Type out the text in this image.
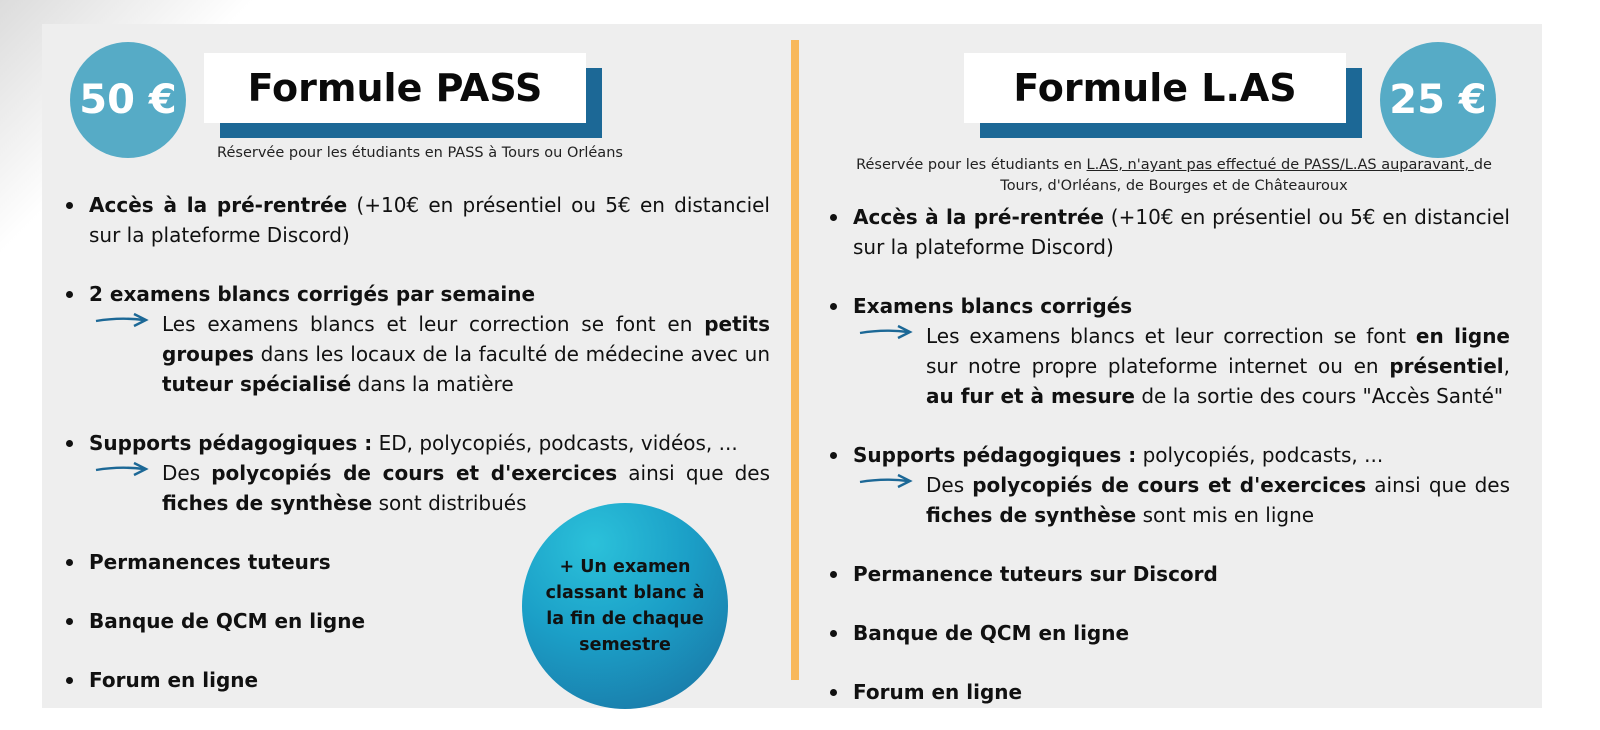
50 € Formule PASS
Réservée pour les étudiants en PASS à Tours ou Orléans
Accès à la pré-rentrée (+10€ en présentiel ou 5€ en distanciel sur la plateforme Discord)
2 examens blancs corrigés par semaine
Les examens blancs et leur correction se font en petits groupes dans les locaux de la faculté de médecine avec un tuteur spécialisé dans la matière
Supports pédagogiques : ED, polycopiés, podcasts, vidéos, ...
Des polycopiés de cours et d'exercices ainsi que des fiches de synthèse sont distribués
Permanences tuteurs
Banque de QCM en ligne
Forum en ligne
+ Un examen classant blanc à la fin de chaque semestre
Formule L.AS 25 €
Réservée pour les étudiants en L.AS, n'ayant pas effectué de PASS/L.AS auparavant, de Tours, d'Orléans, de Bourges et de Châteauroux
Accès à la pré-rentrée (+10€ en présentiel ou 5€ en distanciel sur la plateforme Discord)
Examens blancs corrigés
Les examens blancs et leur correction se font en ligne sur notre propre plateforme internet ou en présentiel, au fur et à mesure de la sortie des cours "Accès Santé"
Supports pédagogiques : polycopiés, podcasts, ...
Des polycopiés de cours et d'exercices ainsi que des fiches de synthèse sont mis en ligne
Permanence tuteurs sur Discord
Banque de QCM en ligne
Forum en ligne
